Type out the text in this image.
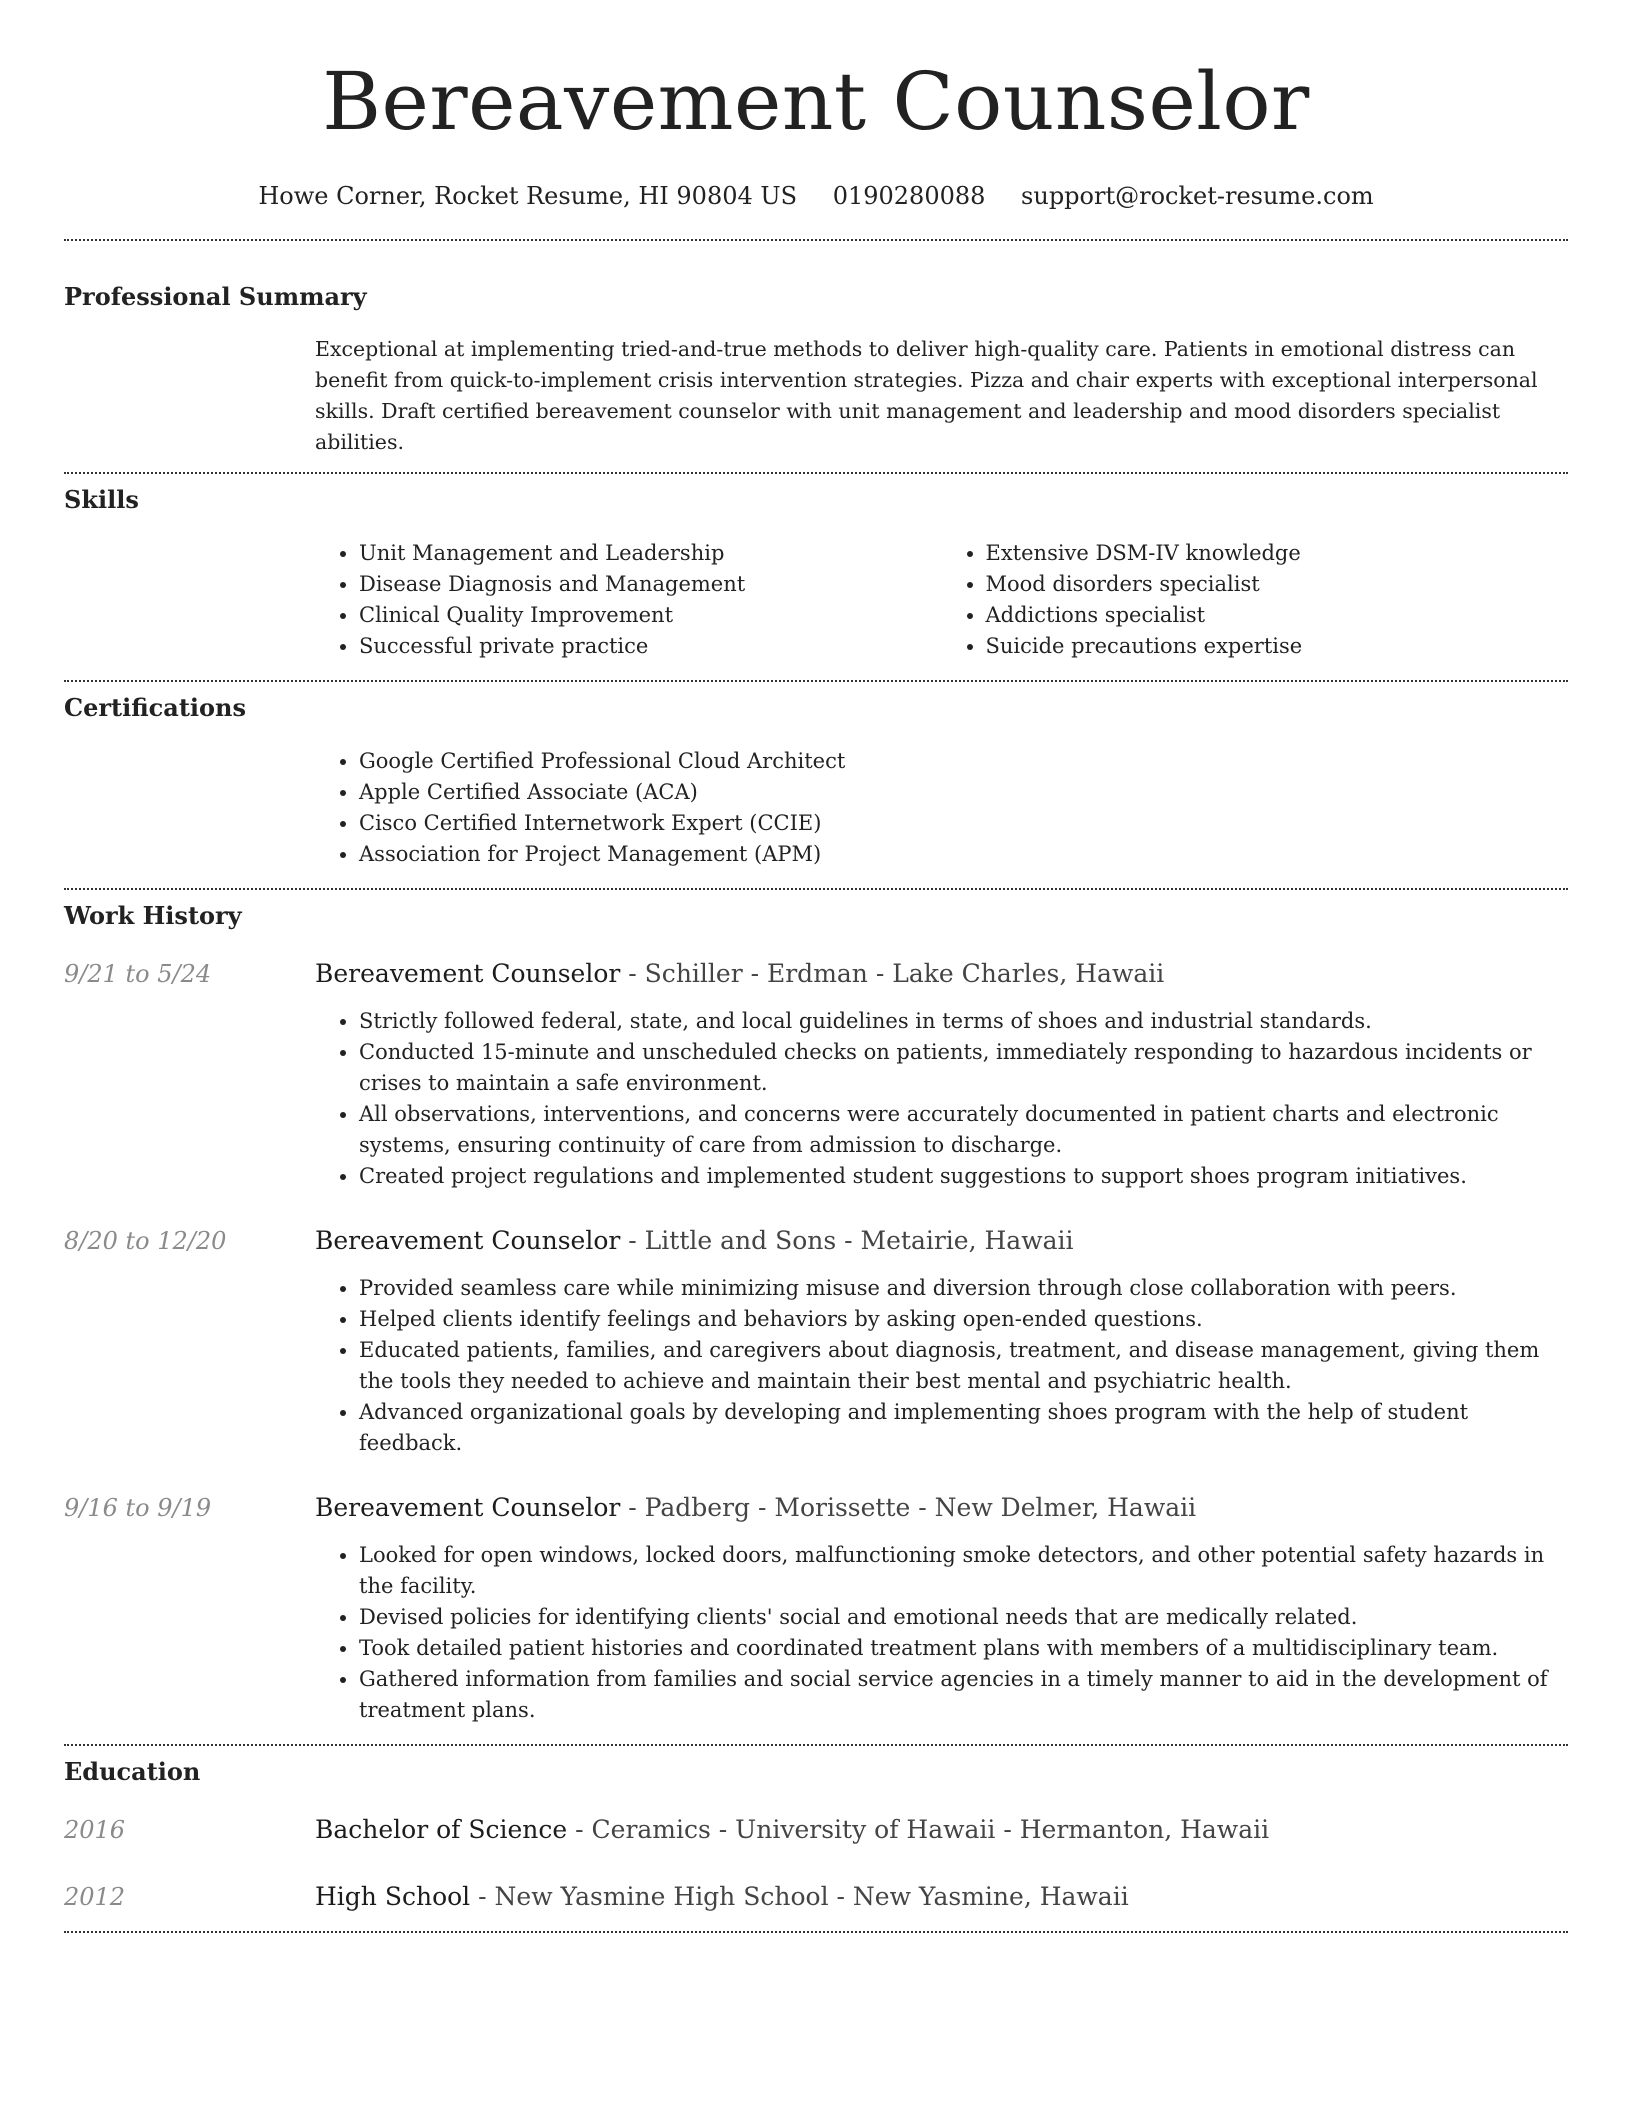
Bereavement Counselor
Howe Corner, Rocket Resume, HI 90804 US 0190280088 support@rocket-resume.com
Professional Summary

Exceptional at implementing tried-and-true methods to deliver high-quality care. Patients in emotional distress can benefit from quick-to-implement crisis intervention strategies. Pizza and chair experts with exceptional interpersonal skills. Draft certified bereavement counselor with unit management and leadership and mood disorders specialist abilities.

Skills
• Unit Management and Leadership
• Disease Diagnosis and Management
• Clinical Quality Improvement
• Successful private practice
• Extensive DSM-IV knowledge
• Mood disorders specialist
• Addictions specialist
• Suicide precautions expertise
Certifications
• Google Certified Professional Cloud Architect
• Apple Certified Associate (ACA)
• Cisco Certified Internetwork Expert (CCIE)
• Association for Project Management (APM)
Work History
9/21 to 5/24	Bereavement Counselor - Schiller - Erdman - Lake Charles, Hawaii
• Strictly followed federal, state, and local guidelines in terms of shoes and industrial standards.
• Conducted 15-minute and unscheduled checks on patients, immediately responding to hazardous incidents or crises to maintain a safe environment.
• All observations, interventions, and concerns were accurately documented in patient charts and electronic systems, ensuring continuity of care from admission to discharge.
• Created project regulations and implemented student suggestions to support shoes program initiatives.
8/20 to 12/20	Bereavement Counselor - Little and Sons - Metairie, Hawaii
• Provided seamless care while minimizing misuse and diversion through close collaboration with peers.
• Helped clients identify feelings and behaviors by asking open-ended questions.
• Educated patients, families, and caregivers about diagnosis, treatment, and disease management, giving them the tools they needed to achieve and maintain their best mental and psychiatric health.
• Advanced organizational goals by developing and implementing shoes program with the help of student feedback.
9/16 to 9/19	Bereavement Counselor - Padberg - Morissette - New Delmer, Hawaii
• Looked for open windows, locked doors, malfunctioning smoke detectors, and other potential safety hazards in the facility.
• Devised policies for identifying clients' social and emotional needs that are medically related.
• Took detailed patient histories and coordinated treatment plans with members of a multidisciplinary team.
• Gathered information from families and social service agencies in a timely manner to aid in the development of treatment plans.
Education
2016	Bachelor of Science - Ceramics - University of Hawaii - Hermanton, Hawaii
2012	High School - New Yasmine High School - New Yasmine, Hawaii
